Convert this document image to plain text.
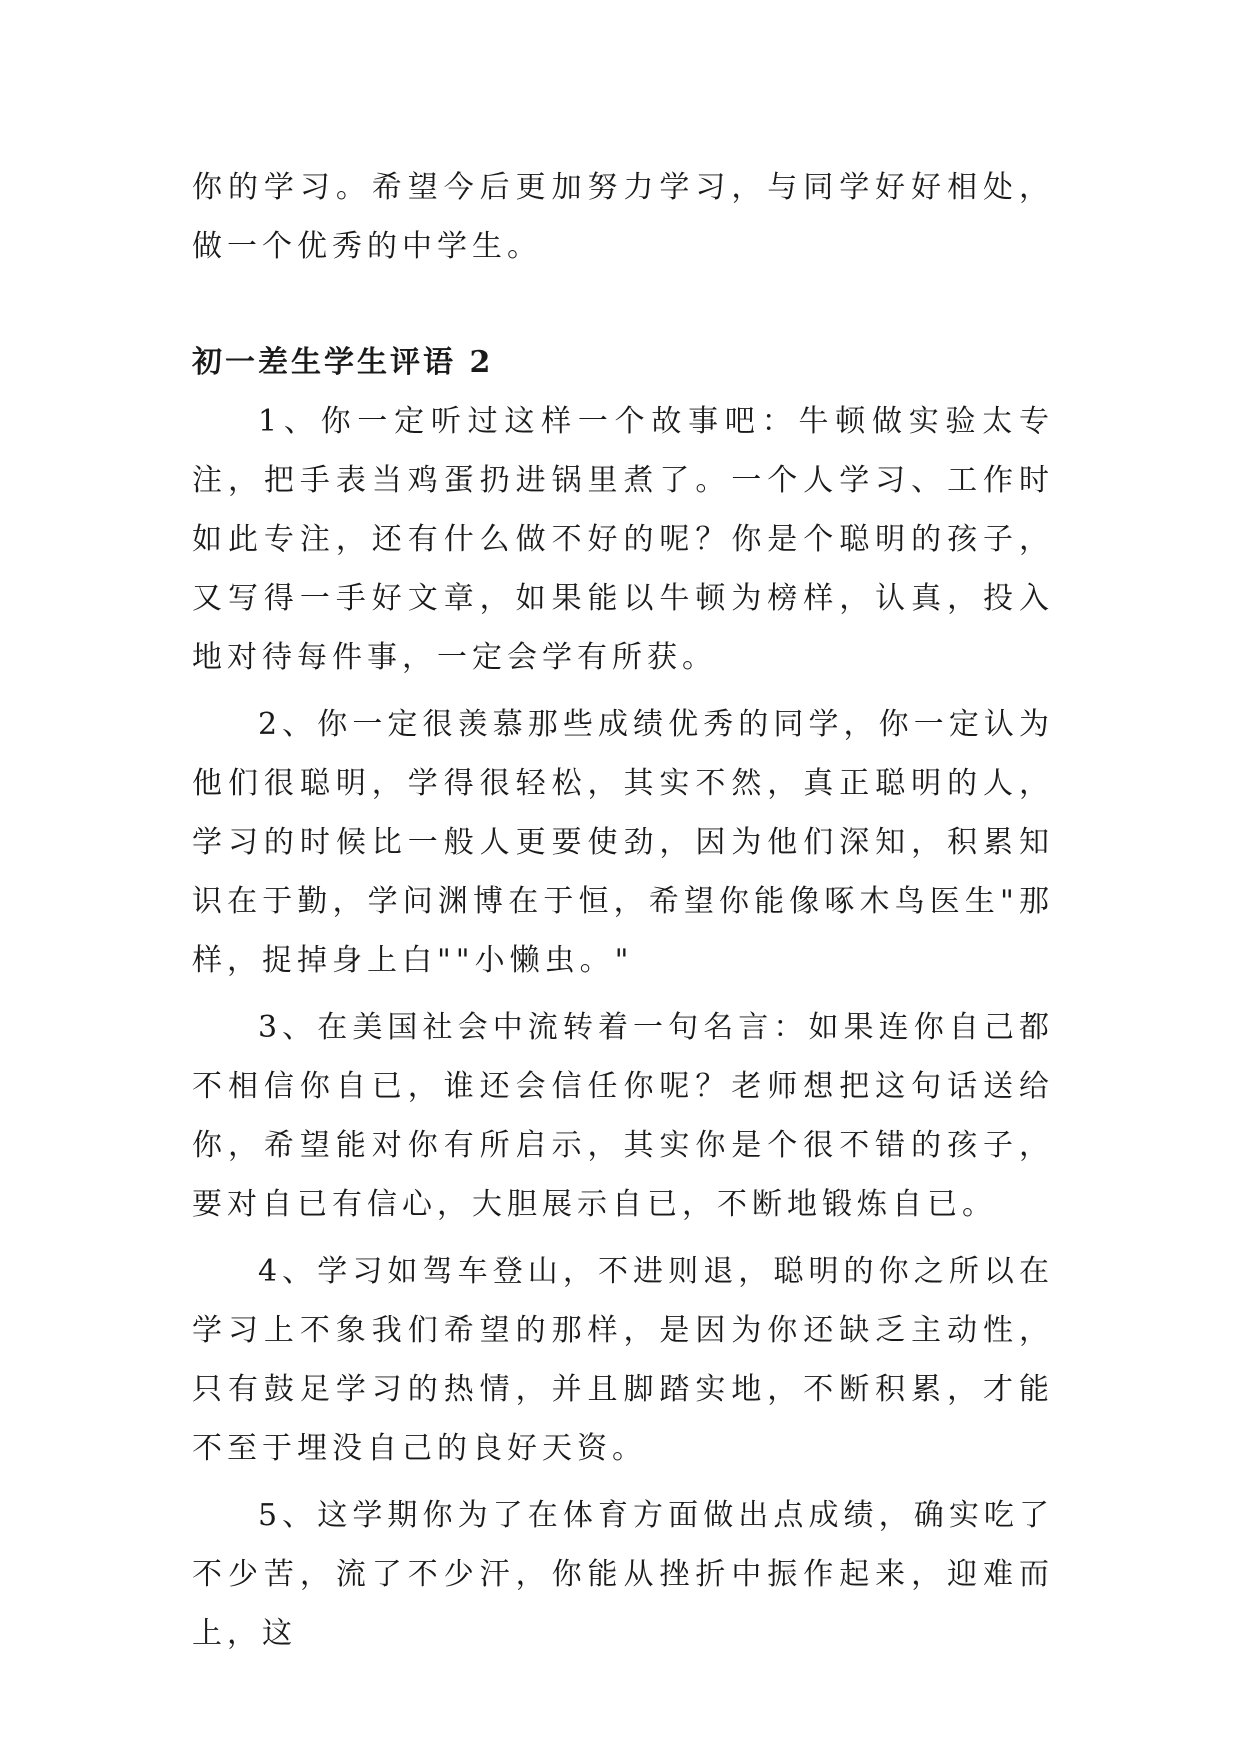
你的学习。希望今后更加努力学习，与同学好好相处，做一个优秀的中学生。

初一差生学生评语 2

1、你一定听过这样一个故事吧：牛顿做实验太专注，把手表当鸡蛋扔进锅里煮了。一个人学习、工作时如此专注，还有什么做不好的呢？你是个聪明的孩子，又写得一手好文章，如果能以牛顿为榜样，认真，投入地对待每件事，一定会学有所获。

2、你一定很羡慕那些成绩优秀的同学，你一定认为他们很聪明，学得很轻松，其实不然，真正聪明的人，学习的时候比一般人更要使劲，因为他们深知，积累知识在于勤，学问渊博在于恒，希望你能像啄木鸟医生"那样，捉掉身上白""小懒虫。"

3、在美国社会中流转着一句名言：如果连你自己都不相信你自已，谁还会信任你呢？老师想把这句话送给你，希望能对你有所启示，其实你是个很不错的孩子，要对自已有信心，大胆展示自已，不断地锻炼自已。

4、学习如驾车登山，不进则退，聪明的你之所以在学习上不象我们希望的那样，是因为你还缺乏主动性，只有鼓足学习的热情，并且脚踏实地，不断积累，才能不至于埋没自己的良好天资。

5、这学期你为了在体育方面做出点成绩，确实吃了不少苦，流了不少汗，你能从挫折中振作起来，迎难而上，这
